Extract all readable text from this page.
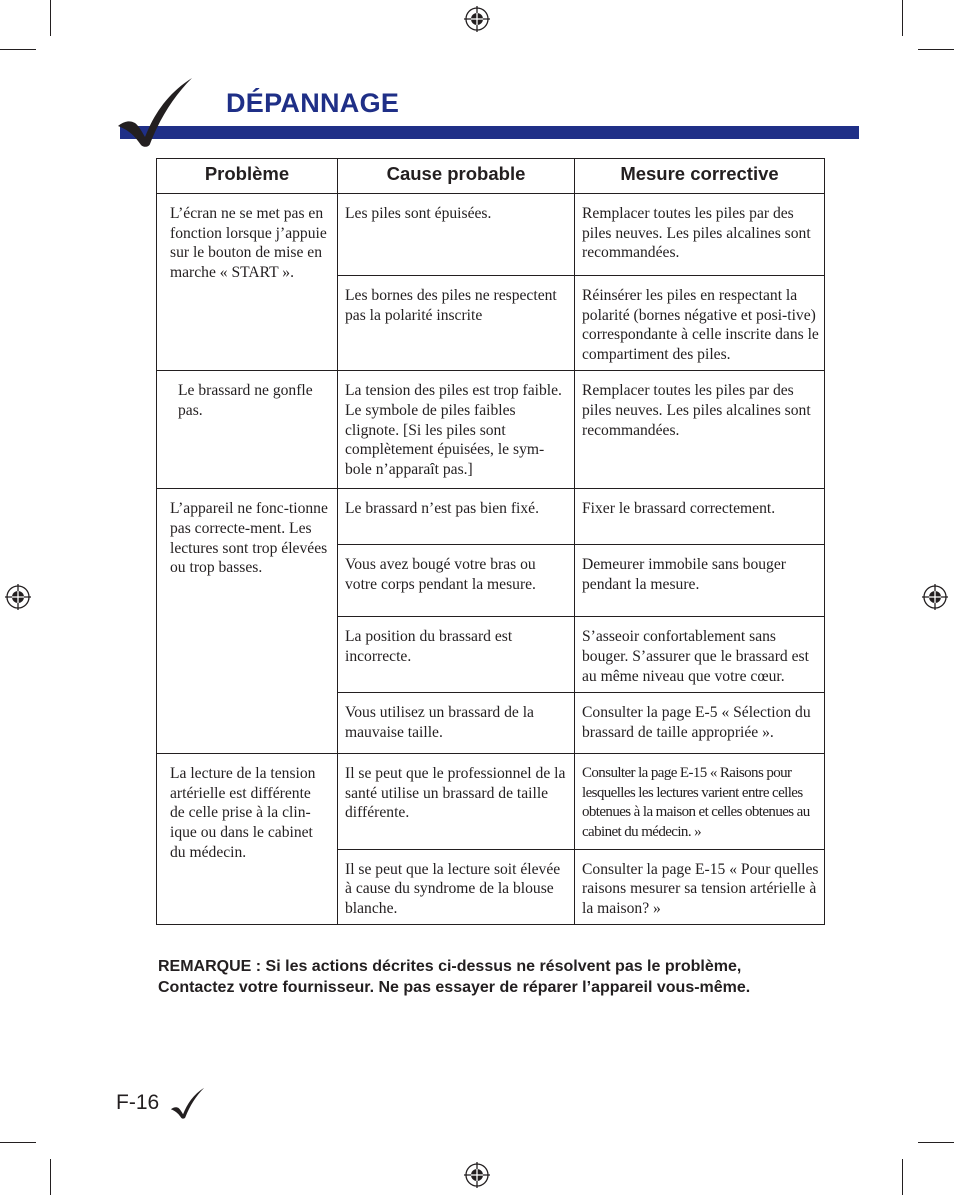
DÉPANNAGE
Problème	Cause probable	Mesure corrective
L’écran ne se met pas en fonction lorsque j’appuie sur le bouton de mise en marche « START ».	Les piles sont épuisées.	Remplacer toutes les piles par des piles neuves. Les piles alcalines sont recommandées.
	Les bornes des piles ne respectent pas la polarité inscrite	Réinsérer les piles en respectant la polarité (bornes négative et posi-tive) correspondante à celle inscrite dans le compartiment des piles.
Le brassard ne gonfle pas.	La tension des piles est trop faible. Le symbole de piles faibles clignote. [Si les piles sont complètement épuisées, le sym-bole n’apparaît pas.]	Remplacer toutes les piles par des piles neuves. Les piles alcalines sont recommandées.
L’appareil ne fonc-tionne pas correcte-ment. Les lectures sont trop élevées ou trop basses.	Le brassard n’est pas bien fixé.	Fixer le brassard correctement.
	Vous avez bougé votre bras ou votre corps pendant la mesure.	Demeurer immobile sans bouger pendant la mesure.
	La position du brassard est incorrecte.	S’asseoir confortablement sans bouger. S’assurer que le brassard est au même niveau que votre cœur.
	Vous utilisez un brassard de la mauvaise taille.	Consulter la page E-5 « Sélection du brassard de taille appropriée ».
La lecture de la tension artérielle est différente de celle prise à la clin-ique ou dans le cabinet du médecin.	Il se peut que le professionnel de la santé utilise un brassard de taille différente.	Consulter la page E-15 « Raisons pour lesquelles les lectures varient entre celles obtenues à la maison et celles obtenues au cabinet du médecin. »
	Il se peut que la lecture soit élevée à cause du syndrome de la blouse blanche.	Consulter la page E-15 « Pour quelles raisons mesurer sa tension artérielle à la maison? »
REMARQUE : Si les actions décrites ci-dessus ne résolvent pas le problème,
Contactez votre fournisseur. Ne pas essayer de réparer l’appareil vous-même.
F-16
